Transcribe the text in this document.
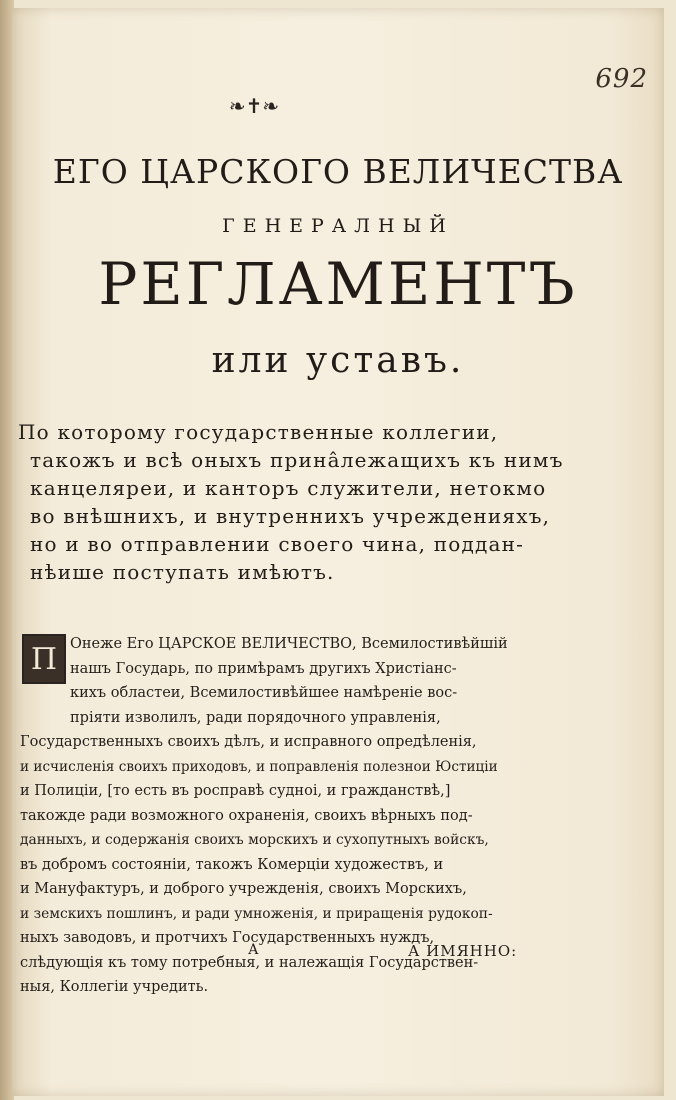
692
❧✝❧
ЕГО ЦАРСКОГО ВЕЛИЧЕСТВА
ГЕНЕРАЛНЫЙ
РЕГЛАМЕНТЪ
или уставъ.
По которому государственные коллегии,
такожъ и всѣ оныхъ прина̂лежащихъ къ нимъ
канцеляреи, и канторъ служители, нетокмо
во внѣшнихъ, и внутреннихъ учрежденияхъ,
но и во отправлении своего чина, поддан-
нѣише поступать имѣютъ.
П Онеже Его ЦАРСКОЕ ВЕЛИЧЕСТВО, Всемилостивѣйшій
нашъ Государь, по примѣрамъ другихъ Христіанс-
кихъ областеи, Всемилостивѣйшее намѣреніе вос-
пріяти изволилъ, ради порядочного управленія,
Государственныхъ своихъ дѣлъ, и исправного опредѣленія,
и исчисленія своихъ приходовъ, и поправленія полезнои Юстиціи
и Полиціи, [то есть въ росправѣ судноі, и гражданствѣ,]
такожде ради возможного охраненія, своихъ вѣрныхъ под-
данныхъ, и содержанія своихъ морскихъ и сухопутныхъ войскъ,
въ добромъ состояніи, такожъ Комерціи художествъ, и
и Мануфактуръ, и доброго учрежденія, своихъ Морскихъ,
и земскихъ пошлинъ, и ради умноженія, и приращенія рудокоп-
ныхъ заводовъ, и протчихъ Государственныхъ нуждъ,
слѣдующія къ тому потребныя, и належащія Государствен-
ныя, Коллегіи учредить.
А	А ИМЯННО:
